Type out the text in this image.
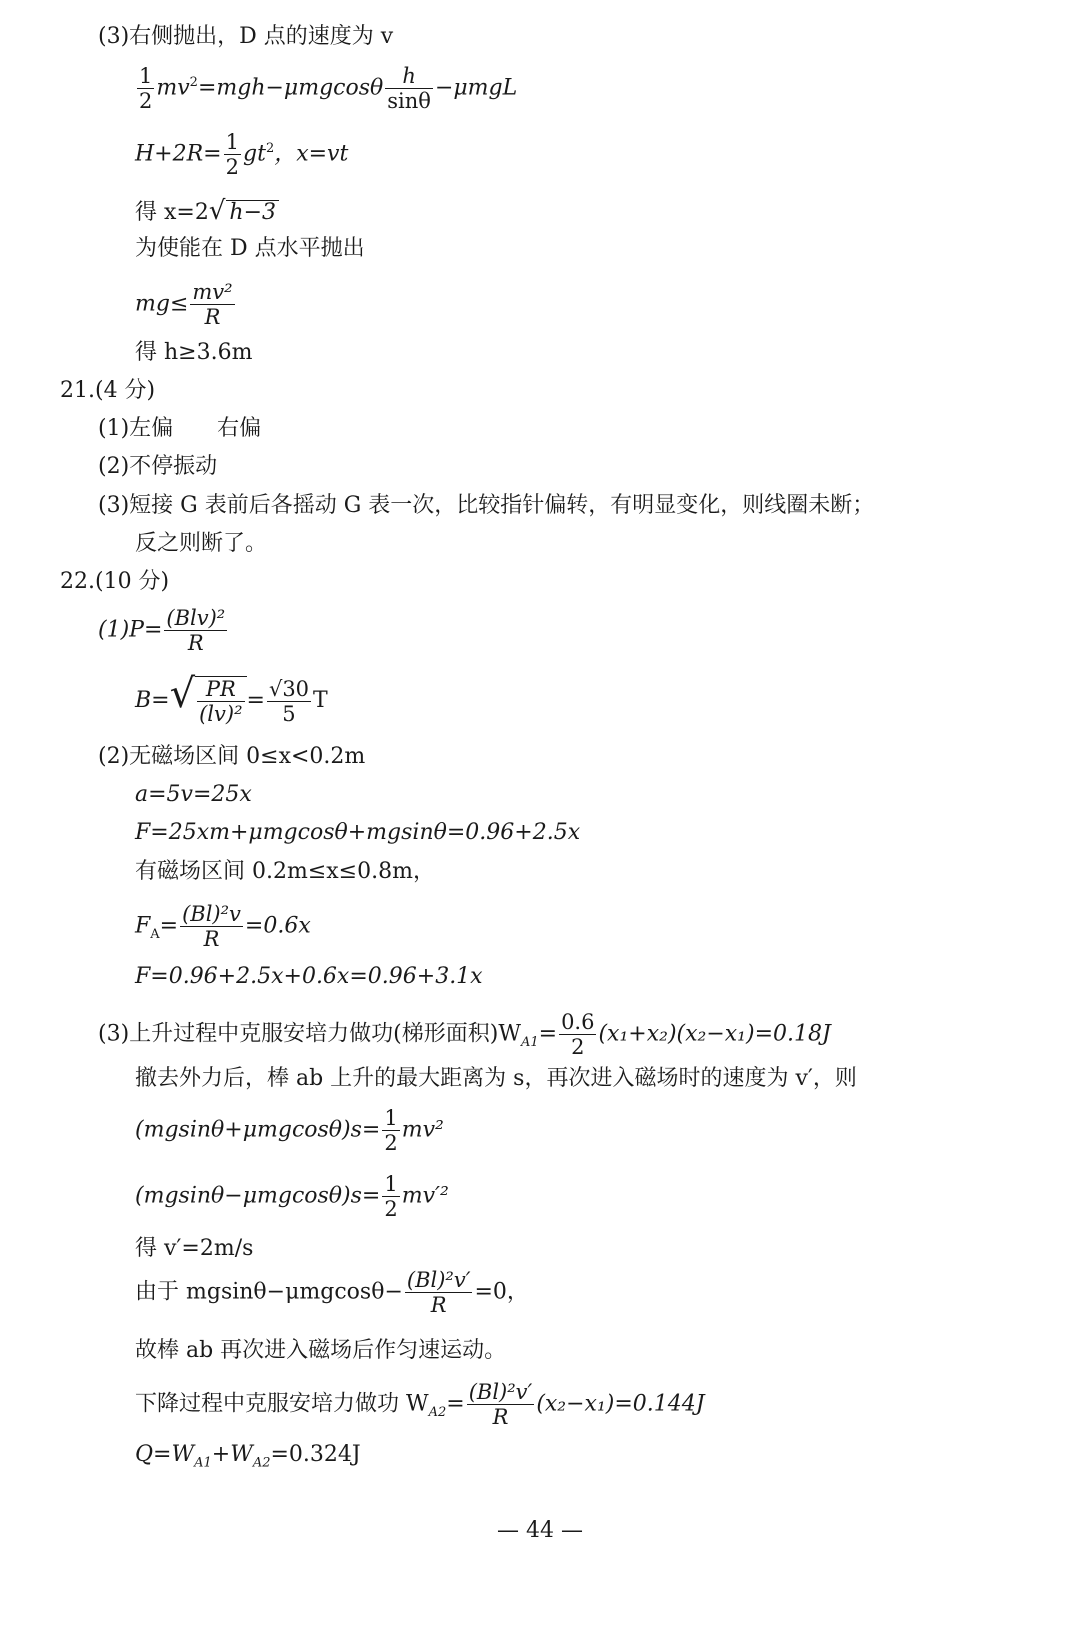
(3)右侧抛出，D 点的速度为 v
$\frac{1}{2} mv^2=mgh-\mu mgcos\theta \frac{h}{\sin\theta} -\mu mgL$
$H+2R= \frac{1}{2} gt^2$，x=vt
得 x=2√ h−3
为使能在 D 点水平抛出
$mg\le \frac{\text{mv²}}{R}$
得 h≥3.6m
21.(4 分)
(1)左偏　　右偏
(2)不停振动
(3)短接 G 表前后各摇动 G 表一次，比较指针偏转，有明显变化，则线圈未断；
反之则断了。
22.(10 分)
$(1)P= \frac{\text{(Blv)²}}{R}$
$B=√ \frac{PR}{\text{(lv)²}} = \frac{√30}{5}$ T
(2)无磁场区间 0≤x<0.2m
a=5v=25x
F=25xm+μmgcosθ+mgsinθ=0.96+2.5x
有磁场区间 0.2m≤x≤0.8m，
$F_A= \frac{\text{(Bl)²v}}{R} =0.6x$
F=0.96+2.5x+0.6x=0.96+3.1x
(3)上升过程中克服安培力做功(梯形面积)$W_{A1}= \frac{0.6}{2} (x_1+x_2)(x_2-x_1)=0.18J$
撤去外力后，棒 ab 上升的最大距离为 s，再次进入磁场时的速度为 v′，则
$(mgsin\theta+\mu mgcos\theta)s= \frac{1}{2} mv^2$
$(mgsin\theta-\mu mgcos\theta)s= \frac{1}{2} mv'^2$
得 v′=2m/s
由于 $mgsin\theta-\mu mgcos\theta- \frac{\text{(Bl)²v′}}{R} =0$，
故棒 ab 再次进入磁场后作匀速运动。
下降过程中克服安培力做功 $W_{A2}= \frac{\text{(Bl)²v′}}{R} (x_2-x_1)=0.144J$
$Q=W_{A1}+W_{A2}=0.324J$
— 44 —
